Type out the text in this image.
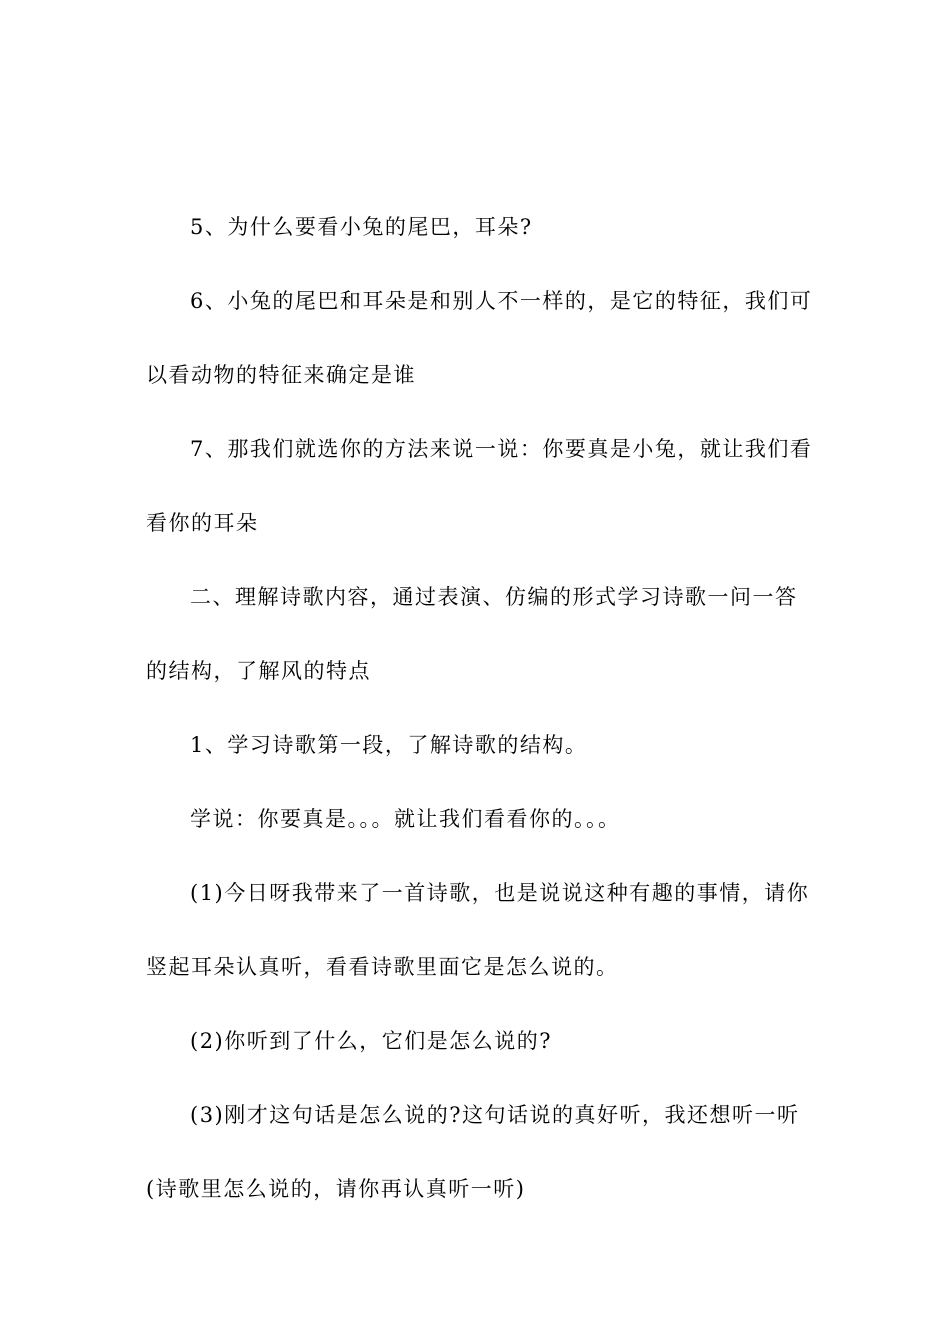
5、为什么要看小兔的尾巴，耳朵?

6、小兔的尾巴和耳朵是和别人不一样的，是它的特征，我们可
以看动物的特征来确定是谁

7、那我们就选你的方法来说一说：你要真是小兔，就让我们看
看你的耳朵

二、理解诗歌内容，通过表演、仿编的形式学习诗歌一问一答
的结构，了解风的特点

1、学习诗歌第一段，了解诗歌的结构。

学说：你要真是。。。就让我们看看你的。。。

(1)今日呀我带来了一首诗歌，也是说说这种有趣的事情，请你
竖起耳朵认真听，看看诗歌里面它是怎么说的。

(2)你听到了什么，它们是怎么说的?

(3)刚才这句话是怎么说的?这句话说的真好听，我还想听一听
(诗歌里怎么说的，请你再认真听一听)
